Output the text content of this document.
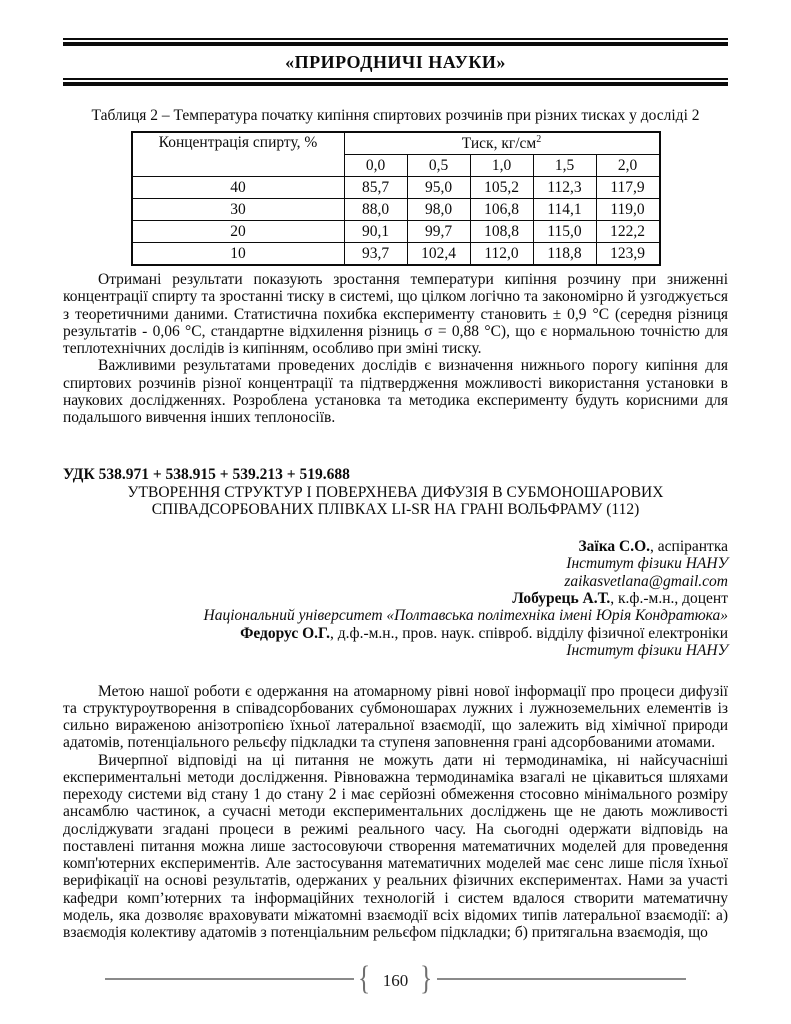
«ПРИРОДНИЧІ НАУКИ»
Таблиця 2 – Температура початку кипіння спиртових розчинів при різних тисках у досліді 2
Концентрація спирту, %	Тиск, $кг/см^2$
	0,0	0,5	1,0	1,5	2,0
40	85,7	95,0	105,2	112,3	117,9
30	88,0	98,0	106,8	114,1	119,0
20	90,1	99,7	108,8	115,0	122,2
10	93,7	102,4	112,0	118,8	123,9

Отримані результати показують зростання температури кипіння розчину при зниженні концентрації спирту та зростанні тиску в системі, що цілком логічно та закономірно й узгоджується з теоретичними даними. Статистична похибка експерименту становить ± 0,9 °С (середня різниця результатів - 0,06 °С, стандартне відхилення різниць σ = 0,88 °С), що є нормальною точністю для теплотехнічних дослідів із кипінням, особливо при зміні тиску.

Важливими результатами проведених дослідів є визначення нижнього порогу кипіння для спиртових розчинів різної концентрації та підтвердження можливості використання установки в наукових дослідженнях. Розроблена установка та методика експерименту будуть корисними для подальшого вивчення інших теплоносіїв.

УДК 538.971 + 538.915 + 539.213 + 519.688
УТВОРЕННЯ СТРУКТУР І ПОВЕРХНЕВА ДИФУЗІЯ В СУБМОНОШАРОВИХ СПІВАДСОРБОВАНИХ ПЛІВКАХ LI-SR НА ГРАНІ ВОЛЬФРАМУ (112)
Заїка С.О., аспірантка
Інститут фізики НАНУ
zaikasvetlana@gmail.com
Лобурець А.Т., к.ф.-м.н., доцент
Національний університет «Полтавська політехніка імені Юрія Кондратюка»
Федорус О.Г., д.ф.-м.н., пров. наук. співроб. відділу фізичної електроніки
Інститут фізики НАНУ

Метою нашої роботи є одержання на атомарному рівні нової інформації про процеси дифузії та структуроутворення в співадсорбованих субмоношарах лужних і лужноземельних елементів із сильно вираженою анізотропією їхньої латеральної взаємодії, що залежить від хімічної природи адатомів, потенціального рельєфу підкладки та ступеня заповнення грані адсорбованими атомами.

Вичерпної відповіді на ці питання не можуть дати ні термодинаміка, ні найсучасніші експериментальні методи дослідження. Рівноважна термодинаміка взагалі не цікавиться шляхами переходу системи від стану 1 до стану 2 і має серйозні обмеження стосовно мінімального розміру ансамблю частинок, а сучасні методи експериментальних досліджень ще не дають можливості досліджувати згадані процеси в режимі реального часу. На сьогодні одержати відповідь на поставлені питання можна лише застосовуючи створення математичних моделей для проведення комп'ютерних експериментів. Але застосування математичних моделей має сенс лише після їхньої верифікації на основі результатів, одержаних у реальних фізичних експериментах. Нами за участі кафедри комп’ютерних та інформаційних технологій і систем вдалося створити математичну модель, яка дозволяє враховувати міжатомні взаємодії всіх відомих типів латеральної взаємодії: а) взаємодія колективу адатомів з потенціальним рельєфом підкладки; б) притягальна взаємодія, що

{ 160 }
